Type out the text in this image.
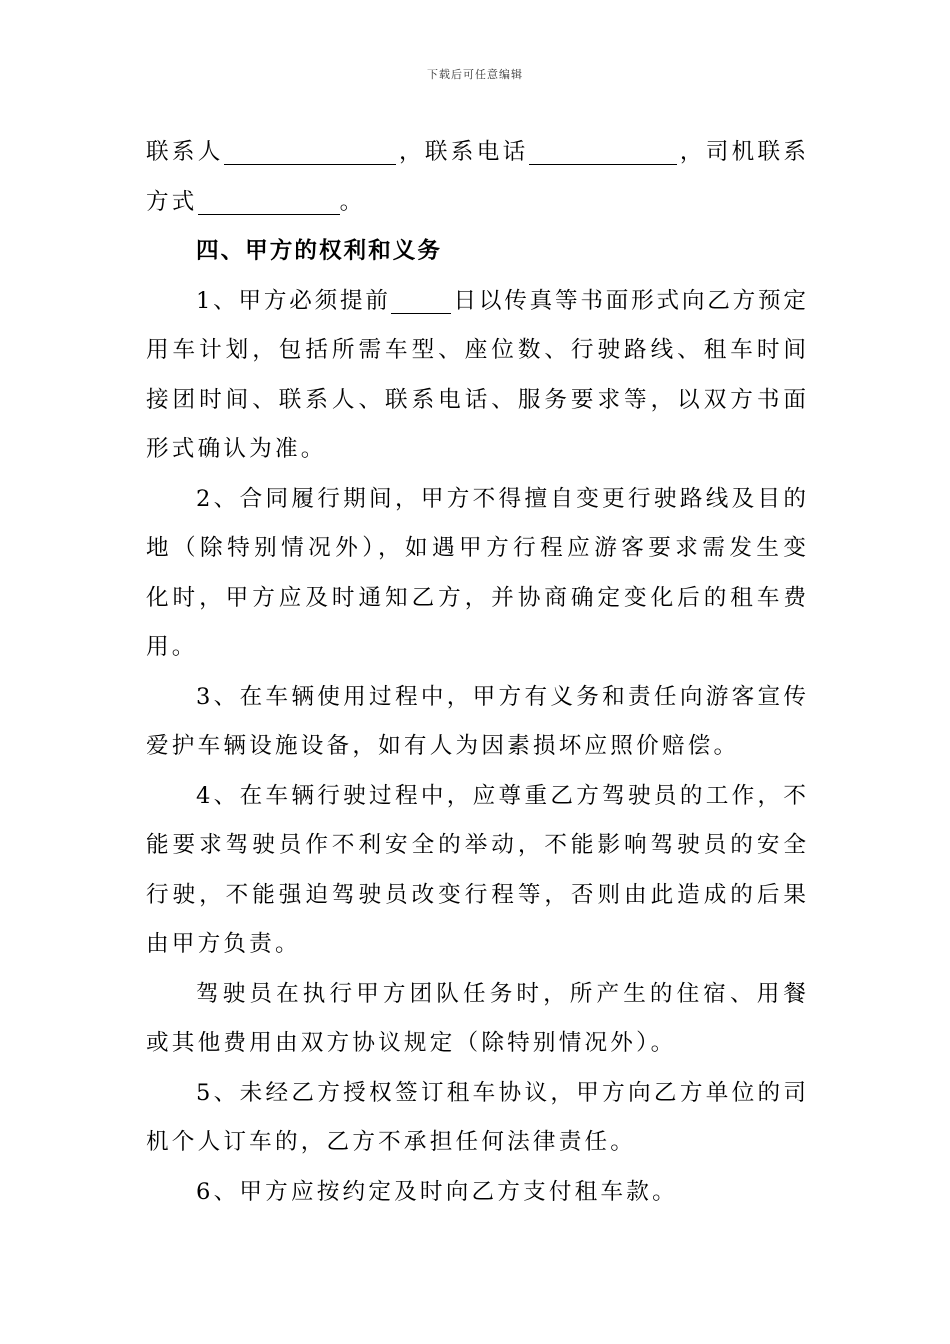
下载后可任意编辑
联系人	，联系电话	，司机联系
方式	。
四、甲方的权利和义务
1、甲方必须提前	日以传真等书面形式向乙方预定
用车计划，包括所需车型、座位数、行驶路线、租车时间
接团时间、联系人、联系电话、服务要求等，以双方书面
形式确认为准。
2、合同履行期间，甲方不得擅自变更行驶路线及目的
地（除特别情况外），如遇甲方行程应游客要求需发生变
化时，甲方应及时通知乙方，并协商确定变化后的租车费
用。
3、在车辆使用过程中，甲方有义务和责任向游客宣传
爱护车辆设施设备，如有人为因素损坏应照价赔偿。
4、在车辆行驶过程中，应尊重乙方驾驶员的工作，不
能要求驾驶员作不利安全的举动，不能影响驾驶员的安全
行驶，不能强迫驾驶员改变行程等，否则由此造成的后果
由甲方负责。
驾驶员在执行甲方团队任务时，所产生的住宿、用餐
或其他费用由双方协议规定（除特别情况外）。
5、未经乙方授权签订租车协议，甲方向乙方单位的司
机个人订车的，乙方不承担任何法律责任。
6、甲方应按约定及时向乙方支付租车款。
